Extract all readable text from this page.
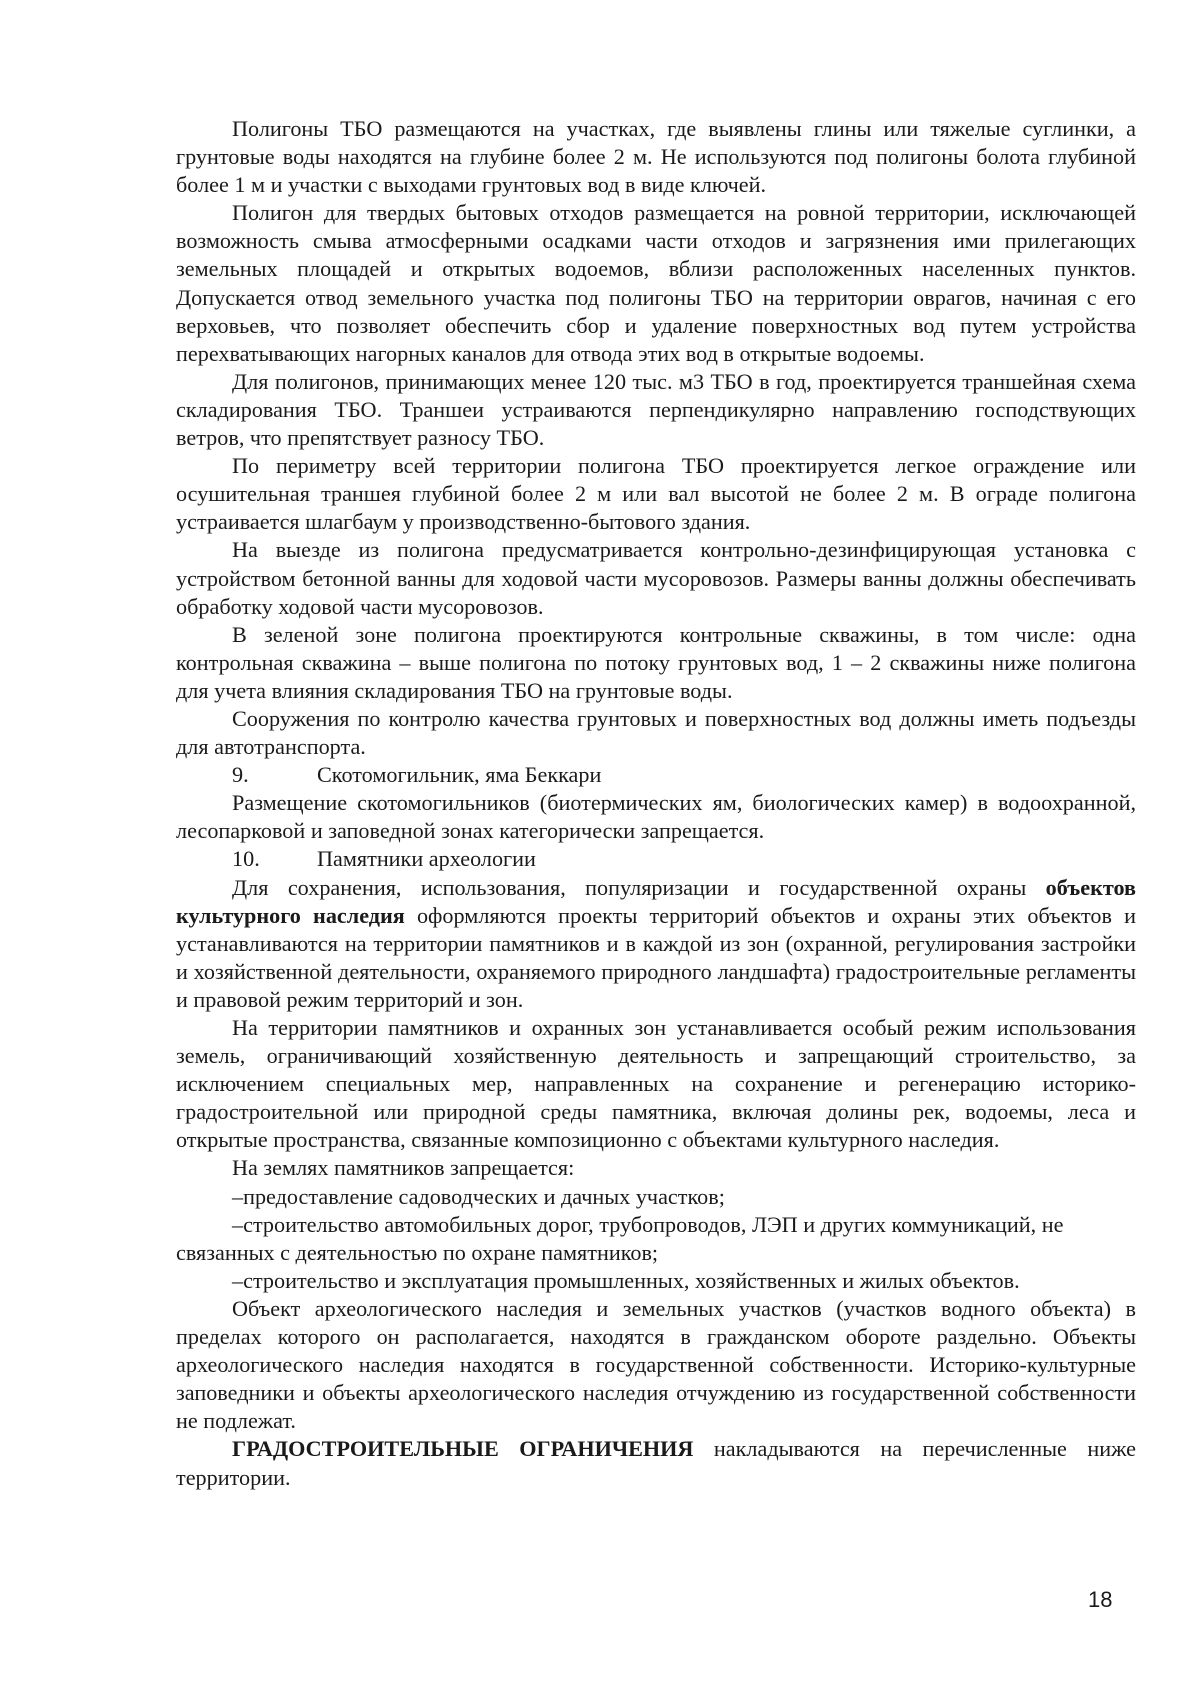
Полигоны ТБО размещаются на участках, где выявлены глины или тяжелые суглинки, а грунтовые воды находятся на глубине более 2 м. Не используются под полигоны болота глубиной более 1 м и участки с выходами грунтовых вод в виде ключей.

Полигон для твердых бытовых отходов размещается на ровной территории, исключающей возможность смыва атмосферными осадками части отходов и загрязнения ими прилегающих земельных площадей и открытых водоемов, вблизи расположенных населенных пунктов. Допускается отвод земельного участка под полигоны ТБО на территории оврагов, начиная с его верховьев, что позволяет обеспечить сбор и удаление поверхностных вод путем устройства перехватывающих нагорных каналов для отвода этих вод в открытые водоемы.

Для полигонов, принимающих менее 120 тыс. м3 ТБО в год, проектируется траншейная схема складирования ТБО. Траншеи устраиваются перпендикулярно направлению господствующих ветров, что препятствует разносу ТБО.

По периметру всей территории полигона ТБО проектируется легкое ограждение или осушительная траншея глубиной более 2 м или вал высотой не более 2 м. В ограде полигона устраивается шлагбаум у производственно-бытового здания.

На выезде из полигона предусматривается контрольно-дезинфицирующая установка с устройством бетонной ванны для ходовой части мусоровозов. Размеры ванны должны обеспечивать обработку ходовой части мусоровозов.

В зеленой зоне полигона проектируются контрольные скважины, в том числе: одна контрольная скважина – выше полигона по потоку грунтовых вод, 1 – 2 скважины ниже полигона для учета влияния складирования ТБО на грунтовые воды.

Сооружения по контролю качества грунтовых и поверхностных вод должны иметь подъезды для автотранспорта.

9.	Скотомогильник, яма Беккари

Размещение скотомогильников (биотермических ям, биологических камер) в водоохранной, лесопарковой и заповедной зонах категорически запрещается.

10.	Памятники археологии

Для сохранения, использования, популяризации и государственной охраны объектов культурного наследия оформляются проекты территорий объектов и охраны этих объектов и устанавливаются на территории памятников и в каждой из зон (охранной, регулирования застройки и хозяйственной деятельности, охраняемого природного ландшафта) градостроительные регламенты и правовой режим территорий и зон.

На территории памятников и охранных зон устанавливается особый режим использования земель, ограничивающий хозяйственную деятельность и запрещающий строительство, за исключением специальных мер, направленных на сохранение и регенерацию историко-градостроительной или природной среды памятника, включая долины рек, водоемы, леса и открытые пространства, связанные композиционно с объектами культурного наследия.

На землях памятников запрещается:

–предоставление садоводческих и дачных участков;

–строительство автомобильных дорог, трубопроводов, ЛЭП и других коммуникаций, не связанных с деятельностью по охране памятников;

–строительство и эксплуатация промышленных, хозяйственных и жилых объектов.

Объект археологического наследия и земельных участков (участков водного объекта) в пределах которого он располагается, находятся в гражданском обороте раздельно. Объекты археологического наследия находятся в государственной собственности. Историко-культурные заповедники и объекты археологического наследия отчуждению из государственной собственности не подлежат.

ГРАДОСТРОИТЕЛЬНЫЕ ОГРАНИЧЕНИЯ накладываются на перечисленные ниже территории.

18
